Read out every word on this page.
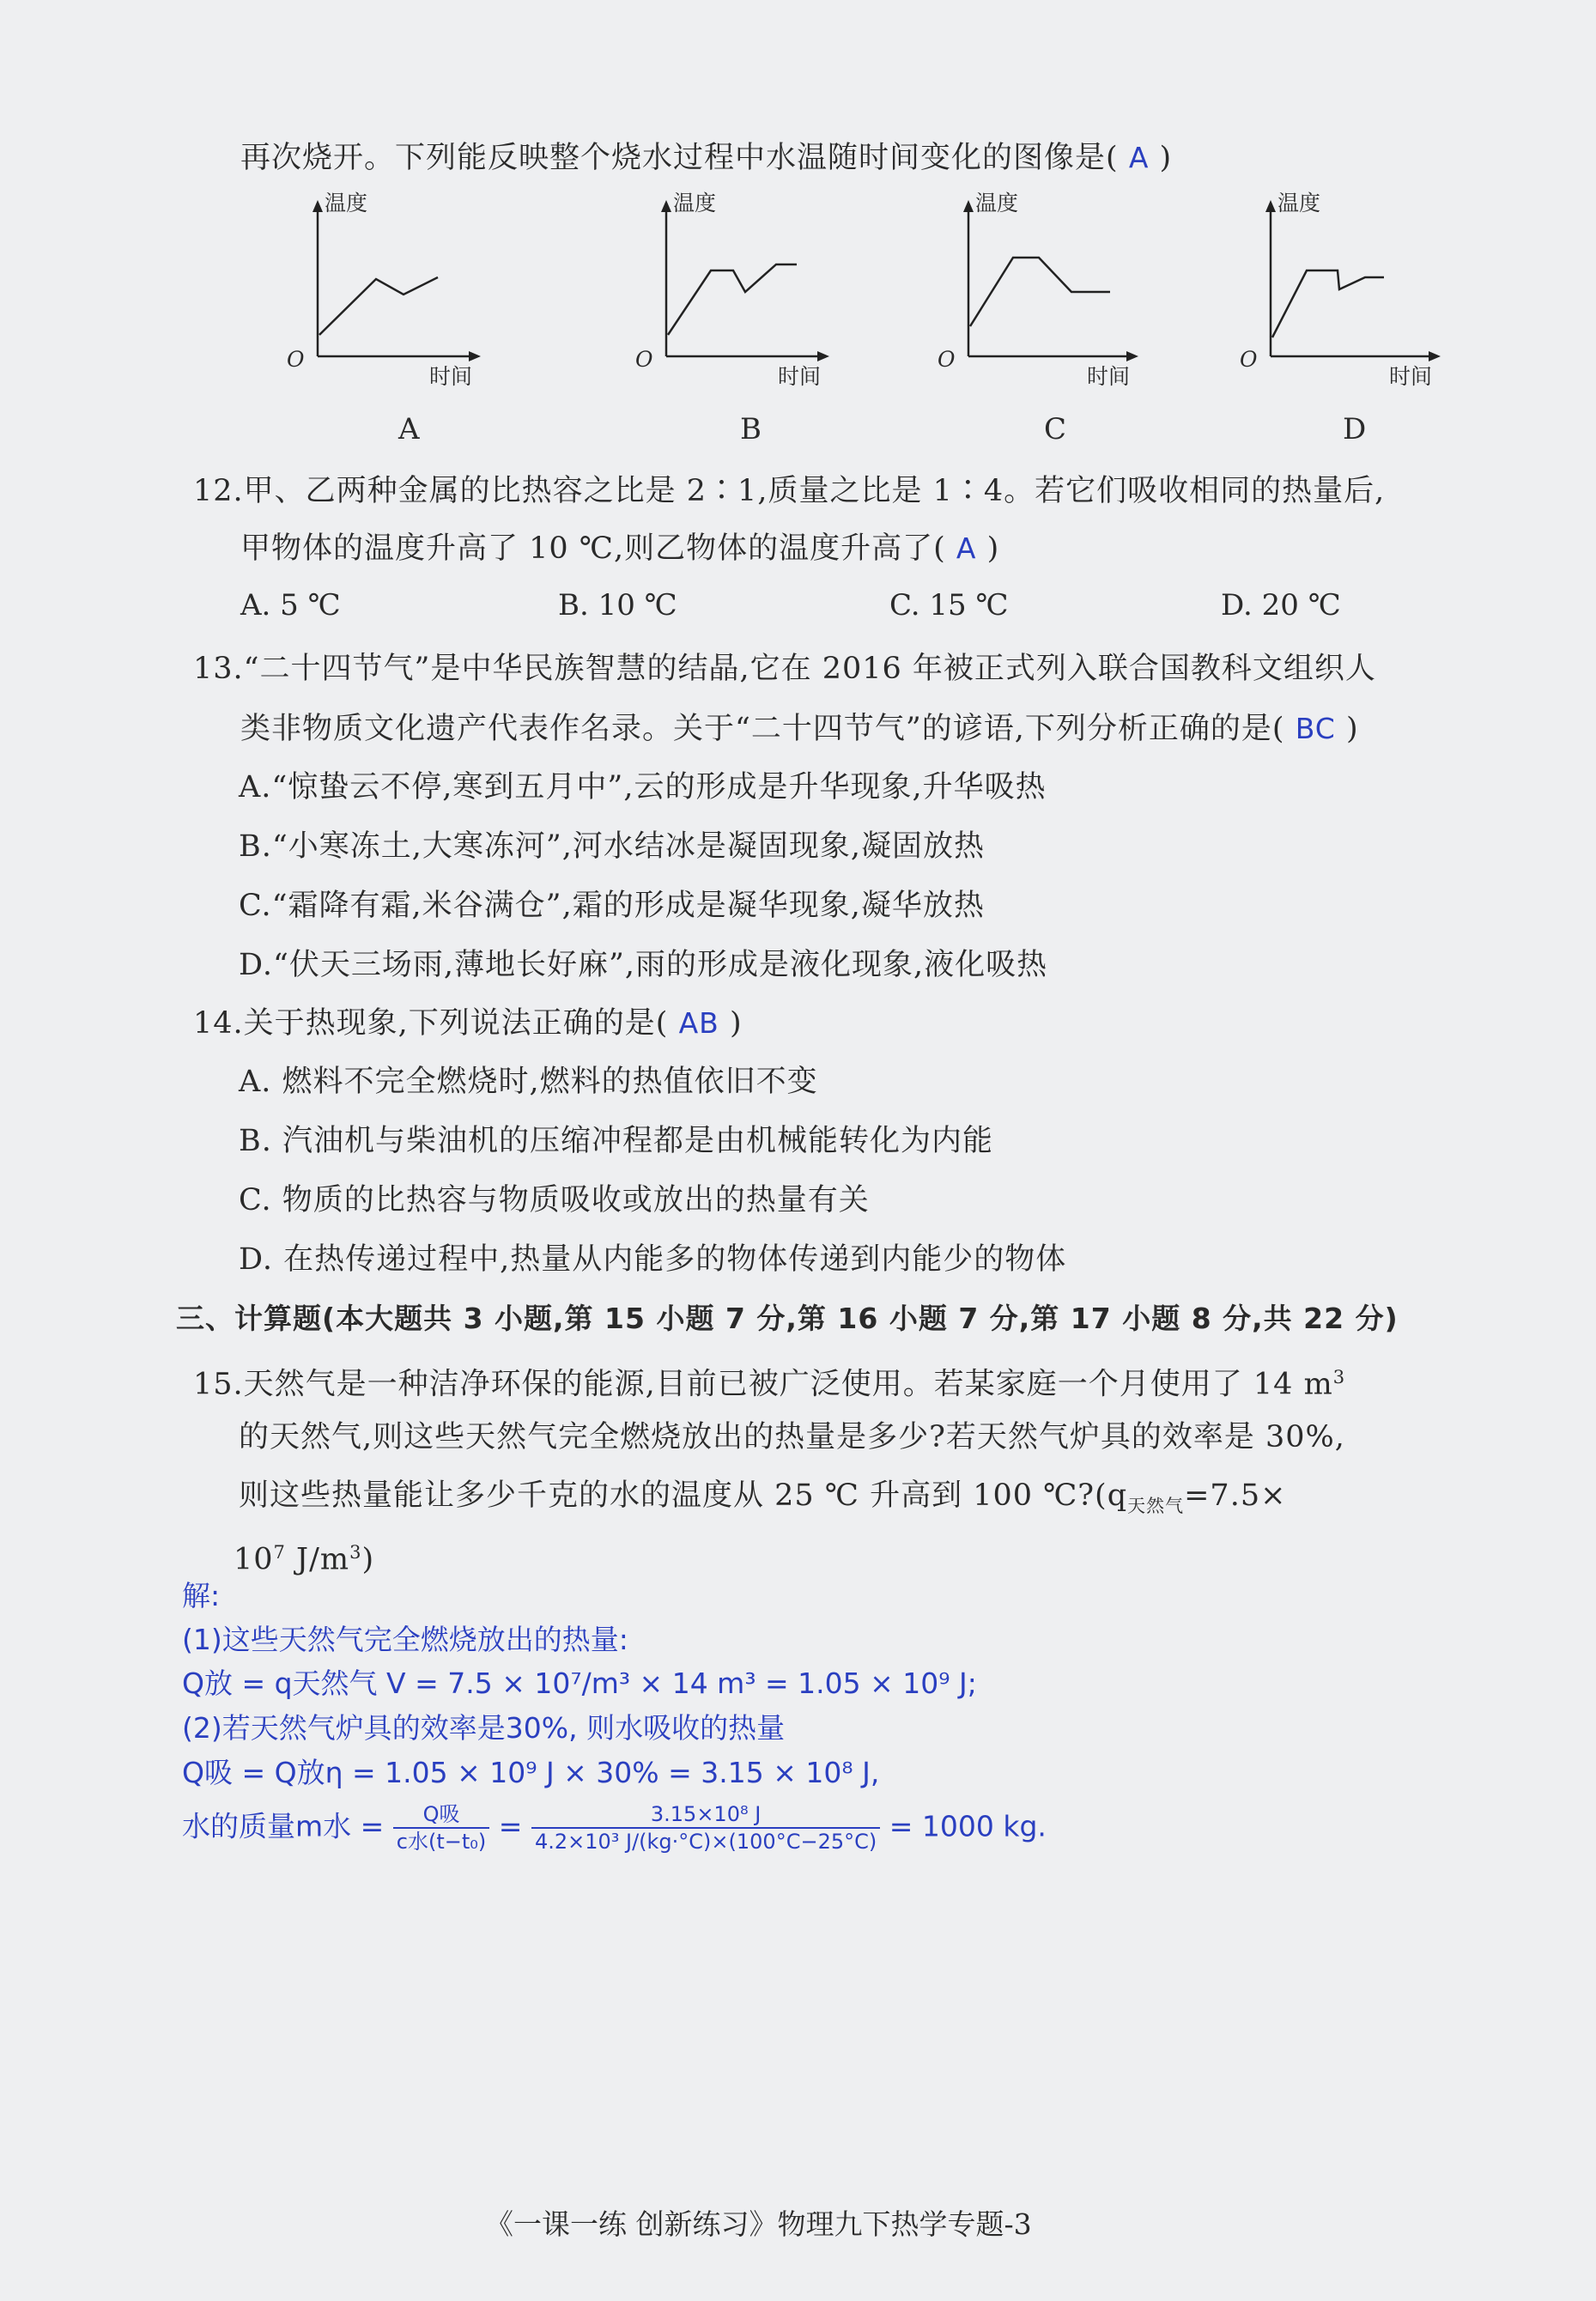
再次烧开。下列能反映整个烧水过程中水温随时间变化的图像是( A )
温度
时间
O
A
温度
时间
O
B
温度
时间
O
C
温度
时间
O
D
12.甲、乙两种金属的比热容之比是 2∶1,质量之比是 1∶4。若它们吸收相同的热量后,
甲物体的温度升高了 10 ℃,则乙物体的温度升高了( A )
A. 5 ℃	B. 10 ℃	C. 15 ℃	D. 20 ℃
13.“二十四节气”是中华民族智慧的结晶,它在 2016 年被正式列入联合国教科文组织人
类非物质文化遗产代表作名录。关于“二十四节气”的谚语,下列分析正确的是( BC )
A.“惊蛰云不停,寒到五月中”,云的形成是升华现象,升华吸热
B.“小寒冻土,大寒冻河”,河水结冰是凝固现象,凝固放热
C.“霜降有霜,米谷满仓”,霜的形成是凝华现象,凝华放热
D.“伏天三场雨,薄地长好麻”,雨的形成是液化现象,液化吸热
14.关于热现象,下列说法正确的是( AB )
A. 燃料不完全燃烧时,燃料的热值依旧不变
B. 汽油机与柴油机的压缩冲程都是由机械能转化为内能
C. 物质的比热容与物质吸收或放出的热量有关
D. 在热传递过程中,热量从内能多的物体传递到内能少的物体
三、计算题(本大题共 3 小题,第 15 小题 7 分,第 16 小题 7 分,第 17 小题 8 分,共 22 分)
15.天然气是一种洁净环保的能源,目前已被广泛使用。若某家庭一个月使用了 14 $m^3$
的天然气,则这些天然气完全燃烧放出的热量是多少?若天然气炉具的效率是 30%,
则这些热量能让多少千克的水的温度从 25 ℃ 升高到 100 $℃?(q_{天然气}=7.5\times$
$10^7$ $J/m^3$)
解:
(1)这些天然气完全燃烧放出的热量:
Q放 = q天然气 V = 7.5 × 10⁷/m³ × 14 m³ = 1.05 × 10⁹ J;
(2)若天然气炉具的效率是30%, 则水吸收的热量
Q吸 = Q放η = 1.05 × 10⁹ J × 30% = 3.15 × 10⁸ J,
水的质量m水 = $\frac{\text{Q吸}}{\text{c水(t−t₀)}} = \frac{\text{3.15×10⁸ J}}{\text{4.2×10³ J/(kg·°C)×(100°C−25°C)}} = 1000$ kg.
《一课一练 创新练习》物理九下热学专题-3
